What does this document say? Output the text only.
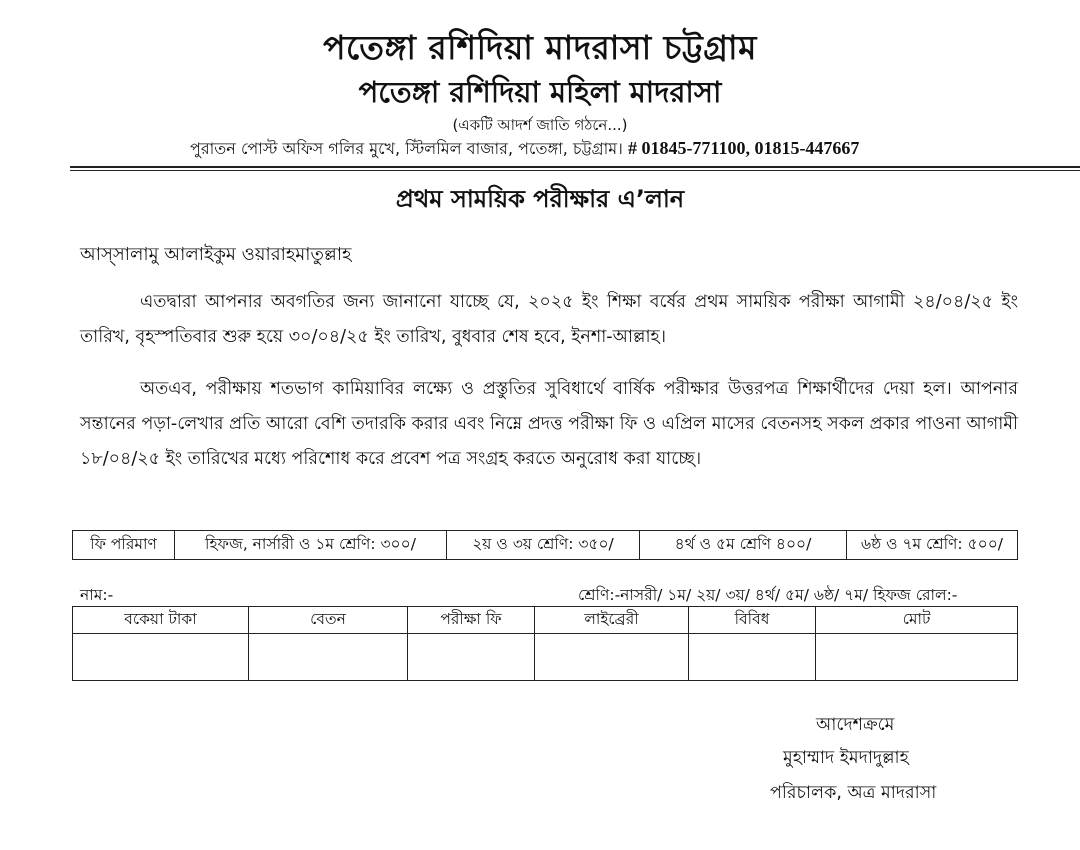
পতেঙ্গা রশিদিয়া মাদরাসা চট্টগ্রাম
পতেঙ্গা রশিদিয়া মহিলা মাদরাসা
(একটি আদর্শ জাতি গঠনে...)
পুরাতন পোস্ট অফিস গলির মুখে, স্টিলমিল বাজার, পতেঙ্গা, চট্টগ্রাম। # 01845-771100, 01815-447667
প্রথম সাময়িক পরীক্ষার এ’লান
আস্সালামু আলাইকুম ওয়ারাহমাতুল্লাহ
এতদ্বারা আপনার অবগতির জন্য জানানো যাচ্ছে যে, ২০২৫ ইং শিক্ষা বর্ষের প্রথম সাময়িক পরীক্ষা আগামী ২৪/০৪/২৫ ইং তারিখ, বৃহস্পতিবার শুরু হয়ে ৩০/০৪/২৫ ইং তারিখ, বুধবার শেষ হবে, ইনশা-আল্লাহ।
অতএব, পরীক্ষায় শতভাগ কামিয়াবির লক্ষ্যে ও প্রস্তুতির সুবিধার্থে বার্ষিক পরীক্ষার উত্তরপত্র শিক্ষার্থীদের দেয়া হল। আপনার সন্তানের পড়া-লেখার প্রতি আরো বেশি তদারকি করার এবং নিম্নে প্রদত্ত পরীক্ষা ফি ও এপ্রিল মাসের বেতনসহ সকল প্রকার পাওনা আগামী ১৮/০৪/২৫ ইং তারিখের মধ্যে পরিশোধ করে প্রবেশ পত্র সংগ্রহ করতে অনুরোধ করা যাচ্ছে।
ফি পরিমাণ	হিফজ, নার্সারী ও ১ম শ্রেণি: ৩০০/	২য় ও ৩য় শ্রেণি: ৩৫০/	৪র্থ ও ৫ম শ্রেণি ৪০০/	৬ষ্ঠ ও ৭ম শ্রেণি: ৫০০/
নাম:-	শ্রেণি:-নাসরী/ ১ম/ ২য়/ ৩য়/ ৪র্থ/ ৫ম/ ৬ষ্ঠ/ ৭ম/ হিফজ রোল:-
বকেয়া টাকা	বেতন	পরীক্ষা ফি	লাইব্রেরী	বিবিধ	মোট

আদেশক্রমে
মুহাম্মাদ ইমদাদুল্লাহ
পরিচালক, অত্র মাদরাসা
